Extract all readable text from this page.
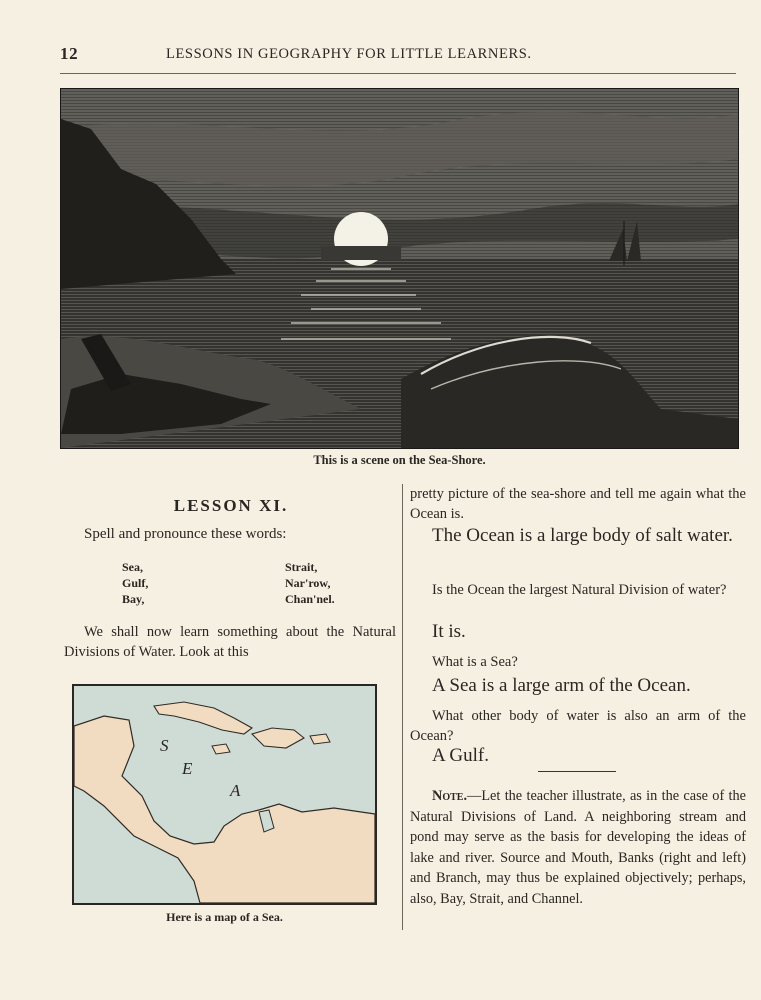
12	LESSONS IN GEOGRAPHY FOR LITTLE LEARNERS.
This is a scene on the Sea-Shore.
LESSON XI.
Spell and pronounce these words:
Sea,
Gulf,
Bay,
Strait,
Nar'row,
Chan'nel.
We shall now learn something about the Natural Divisions of Water. Look at this
S
E
A
Here is a map of a Sea.
pretty picture of the sea-shore and tell me again what the Ocean is.
The Ocean is a large body of salt water.
Is the Ocean the largest Natural Division of water?
It is.
What is a Sea?
A Sea is a large arm of the Ocean.
What other body of water is also an arm of the Ocean?
A Gulf.
Note.—Let the teacher illustrate, as in the case of the Natural Divisions of Land. A neighboring stream and pond may serve as the basis for developing the ideas of lake and river. Source and Mouth, Banks (right and left) and Branch, may thus be explained objectively; perhaps, also, Bay, Strait, and Channel.
